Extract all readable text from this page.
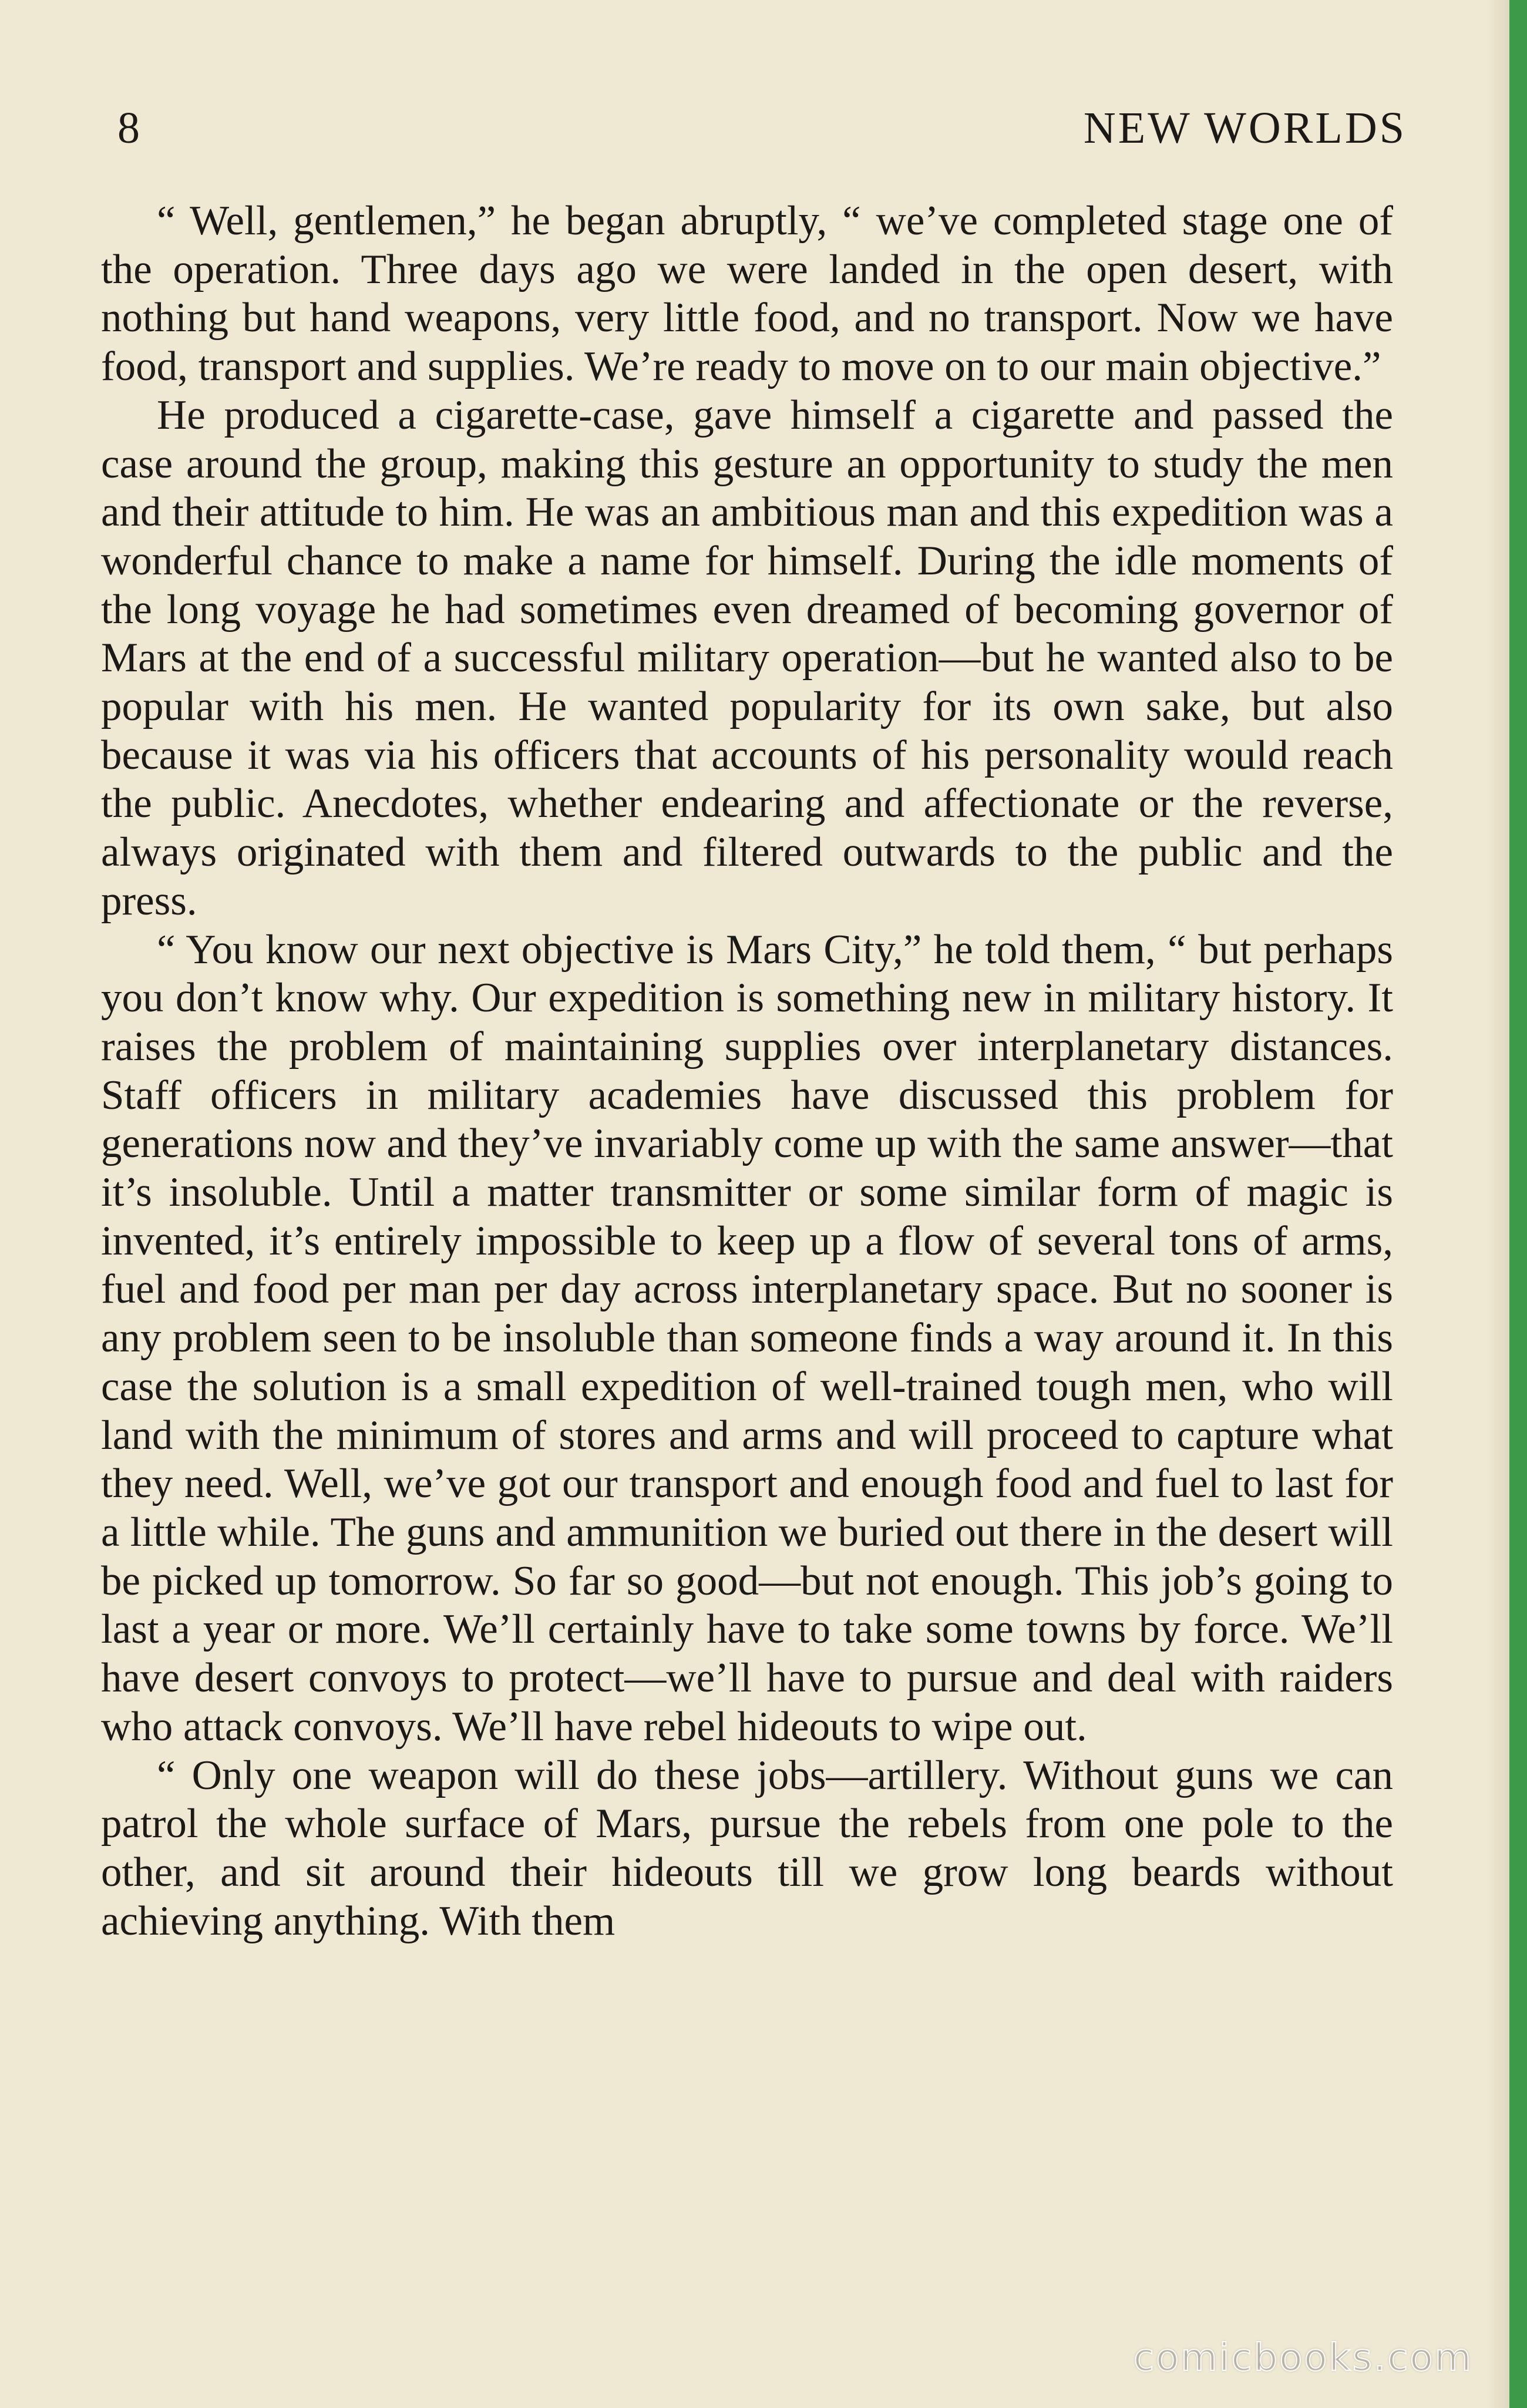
8	NEW WORLDS

“ Well, gentlemen,” he began abruptly, “ we’ve completed stage one of the operation. Three days ago we were landed in the open desert, with nothing but hand weapons, very little food, and no transport. Now we have food, transport and supplies. We’re ready to move on to our main objective.”

He produced a cigarette-case, gave himself a cigarette and passed the case around the group, making this gesture an opportunity to study the men and their attitude to him. He was an ambitious man and this expedition was a wonderful chance to make a name for himself. During the idle moments of the long voyage he had sometimes even dreamed of becoming governor of Mars at the end of a successful military operation—but he wanted also to be popular with his men. He wanted popularity for its own sake, but also because it was via his officers that accounts of his personality would reach the public. Anecdotes, whether endearing and affectionate or the reverse, always originated with them and filtered outwards to the public and the press.

“ You know our next objective is Mars City,” he told them, “ but perhaps you don’t know why. Our expedition is something new in military history. It raises the problem of maintaining supplies over interplanetary distances. Staff officers in military academies have discussed this problem for generations now and they’ve invariably come up with the same answer—that it’s insoluble. Until a matter transmitter or some similar form of magic is invented, it’s entirely impossible to keep up a flow of several tons of arms, fuel and food per man per day across interplanetary space. But no sooner is any problem seen to be insoluble than someone finds a way around it. In this case the solution is a small expedition of well-trained tough men, who will land with the minimum of stores and arms and will proceed to capture what they need. Well, we’ve got our transport and enough food and fuel to last for a little while. The guns and ammunition we buried out there in the desert will be picked up tomorrow. So far so good—but not enough. This job’s going to last a year or more. We’ll certainly have to take some towns by force. We’ll have desert convoys to protect—we’ll have to pursue and deal with raiders who attack convoys. We’ll have rebel hideouts to wipe out.

“ Only one weapon will do these jobs—artillery. Without guns we can patrol the whole surface of Mars, pursue the rebels from one pole to the other, and sit around their hideouts till we grow long beards without achieving anything. With them

comicbooks.com
